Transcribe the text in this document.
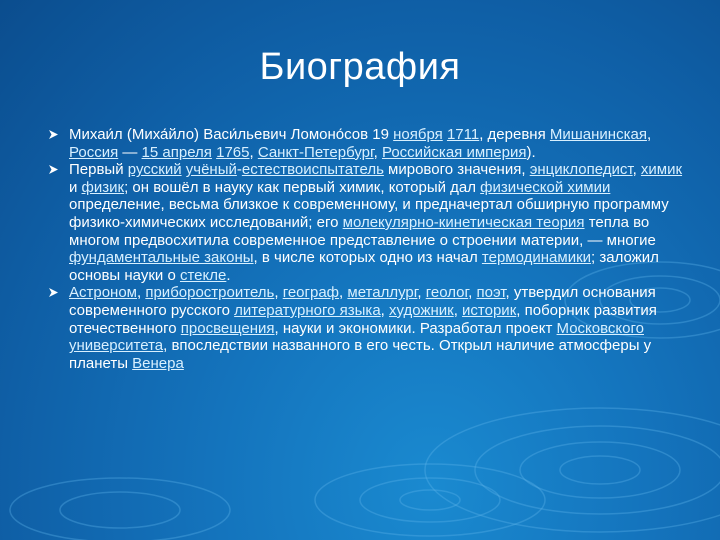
Биография
Михаи́л (Миха́йло) Васи́льевич Ломоно́сов 19 ноября 1711, деревня Мишанинская, Россия — 15 апреля 1765, Санкт-Петербург, Российская империя).
Первый русский учёный-естествоиспытатель мирового значения, энциклопедист, химик и физик; он вошёл в науку как первый химик, который дал физической химии определение, весьма близкое к современному, и предначертал обширную программу физико-химических исследований; его молекулярно-кинетическая теория тепла во многом предвосхитила современное представление о строении материи, — многие фундаментальные законы, в числе которых одно из начал термодинамики; заложил основы науки о стекле.
Астроном, приборостроитель, географ, металлург, геолог, поэт, утвердил основания современного русского литературного языка, художник, историк, поборник развития отечественного просвещения, науки и экономики. Разработал проект Московского университета, впоследствии названного в его честь. Открыл наличие атмосферы у планеты Венера
